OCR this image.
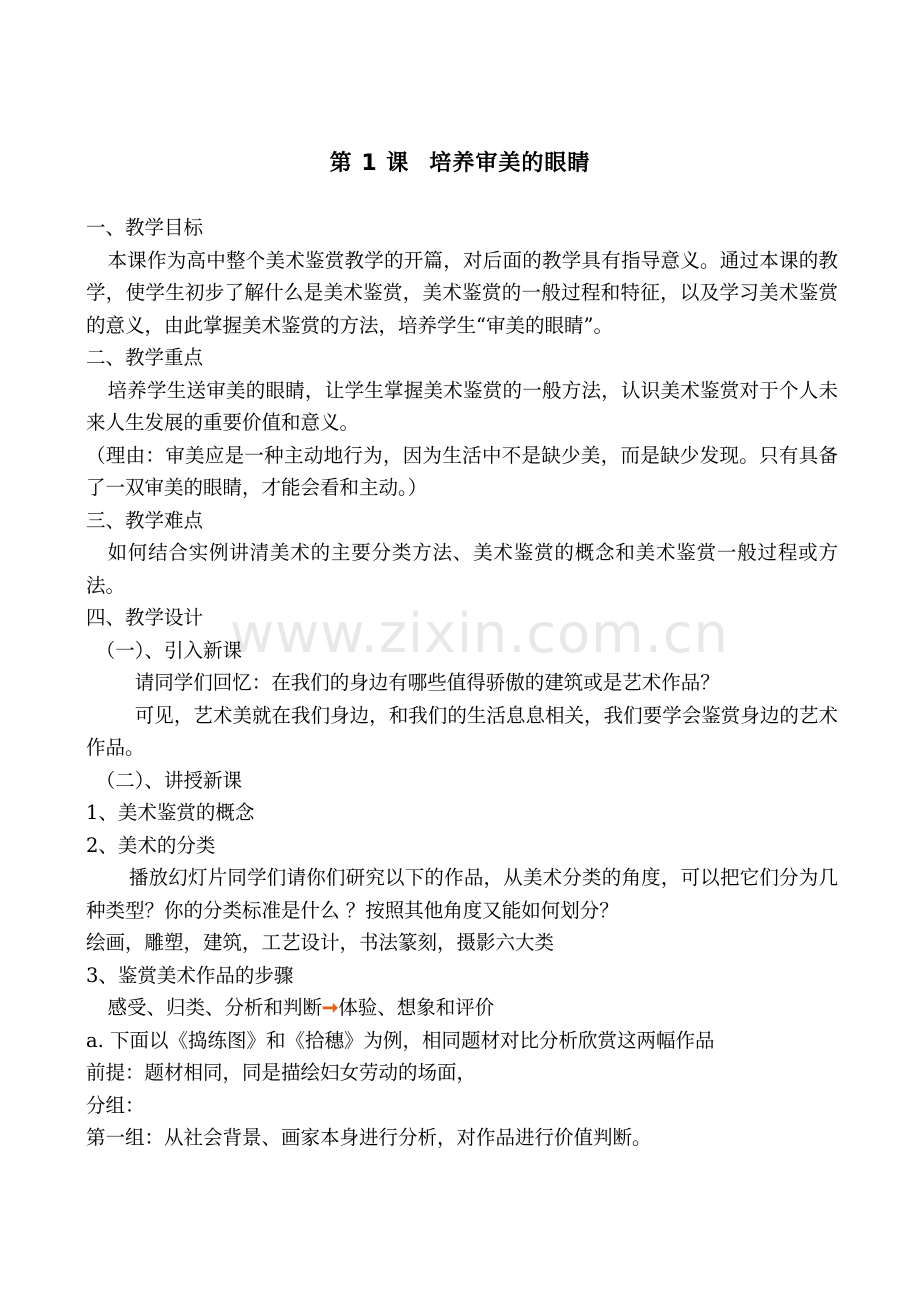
www.zixin.com.cn
第 1 课 培养审美的眼睛

一、教学目标

本课作为高中整个美术鉴赏教学的开篇，对后面的教学具有指导意义。通过本课的教学，使学生初步了解什么是美术鉴赏，美术鉴赏的一般过程和特征，以及学习美术鉴赏的意义，由此掌握美术鉴赏的方法，培养学生“审美的眼睛”。

二、教学重点

培养学生送审美的眼睛，让学生掌握美术鉴赏的一般方法，认识美术鉴赏对于个人未来人生发展的重要价值和意义。

（理由：审美应是一种主动地行为，因为生活中不是缺少美，而是缺少发现。只有具备了一双审美的眼睛，才能会看和主动。）

三、教学难点

如何结合实例讲清美术的主要分类方法、美术鉴赏的概念和美术鉴赏一般过程或方法。

四、教学设计

（一）、引入新课

请同学们回忆：在我们的身边有哪些值得骄傲的建筑或是艺术作品？

可见，艺术美就在我们身边，和我们的生活息息相关，我们要学会鉴赏身边的艺术作品。

（二）、讲授新课

1、美术鉴赏的概念

2、美术的分类

播放幻灯片同学们请你们研究以下的作品，从美术分类的角度，可以把它们分为几种类型？你的分类标准是什么 ？按照其他角度又能如何划分？

绘画，雕塑，建筑，工艺设计，书法篆刻，摄影六大类

3、鉴赏美术作品的步骤

感受、归类、分析和判断➞体验、想象和评价

a. 下面以《捣练图》和《拾穗》为例，相同题材对比分析欣赏这两幅作品

前提：题材相同，同是描绘妇女劳动的场面，

分组：

第一组：从社会背景、画家本身进行分析，对作品进行价值判断。
